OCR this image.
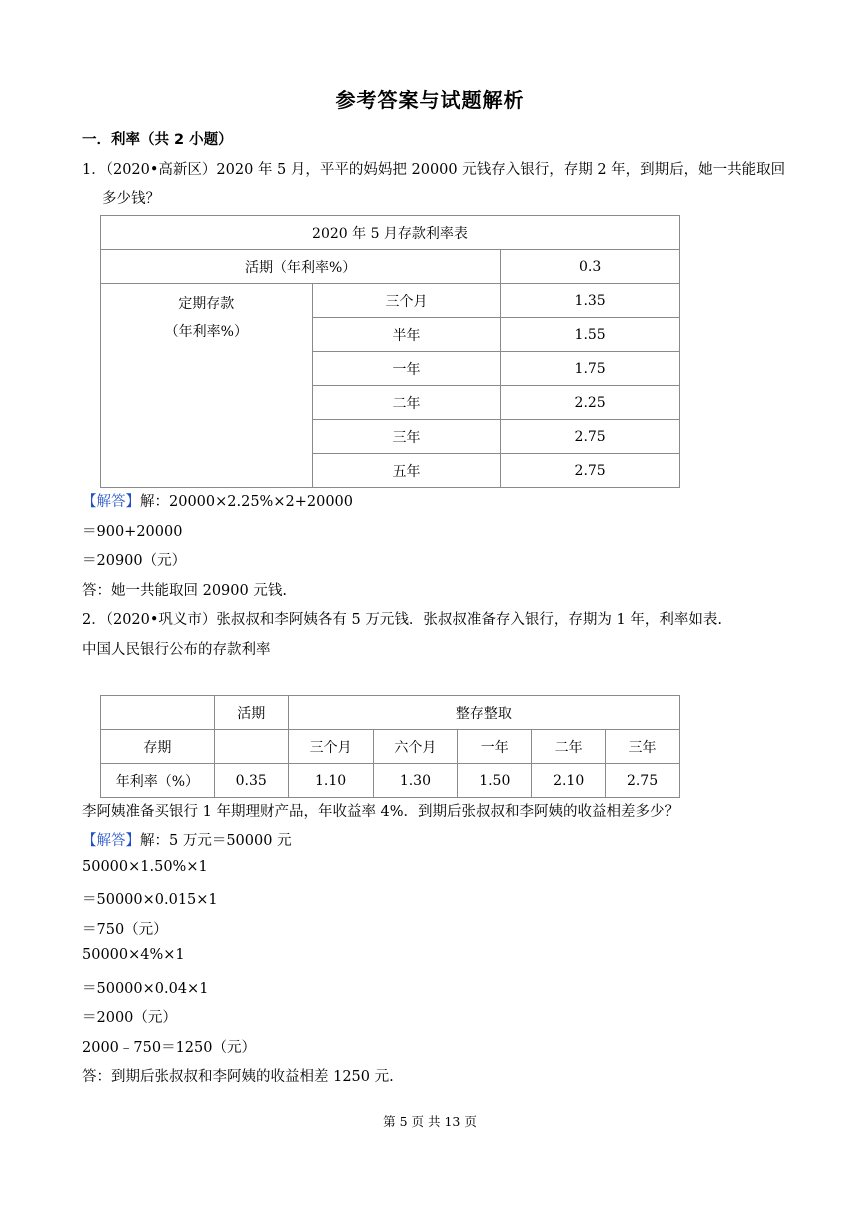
参考答案与试题解析
一．利率（共 2 小题）
1．（2020•高新区）2020 年 5 月，平平的妈妈把 20000 元钱存入银行，存期 2 年，到期后，她一共能取回
多少钱？
2020 年 5 月存款利率表		
活期（年利率%）		0.3

定期存款
（年利率%）	三个月	1.35
	半年	1.55
	一年	1.75
	二年	2.25
	三年	2.75
	五年	2.75
【解答】解：20000×2.25%×2+20000
＝900+20000
＝20900（元）
答：她一共能取回 20900 元钱.
2．（2020•巩义市）张叔叔和李阿姨各有 5 万元钱．张叔叔准备存入银行，存期为 1 年，利率如表.
中国人民银行公布的存款利率
	活期	整存整取				
存期		三个月	六个月	一年	二年	三年
年利率（%）	0.35	1.10	1.30	1.50	2.10	2.75
李阿姨准备买银行 1 年期理财产品，年收益率 4%．到期后张叔叔和李阿姨的收益相差多少？
【解答】解：5 万元＝50000 元
50000×1.50%×1
＝50000×0.015×1
＝750（元）
50000×4%×1
＝50000×0.04×1
＝2000（元）
2000﹣750＝1250（元）
答：到期后张叔叔和李阿姨的收益相差 1250 元.
第 5 页 共 13 页
